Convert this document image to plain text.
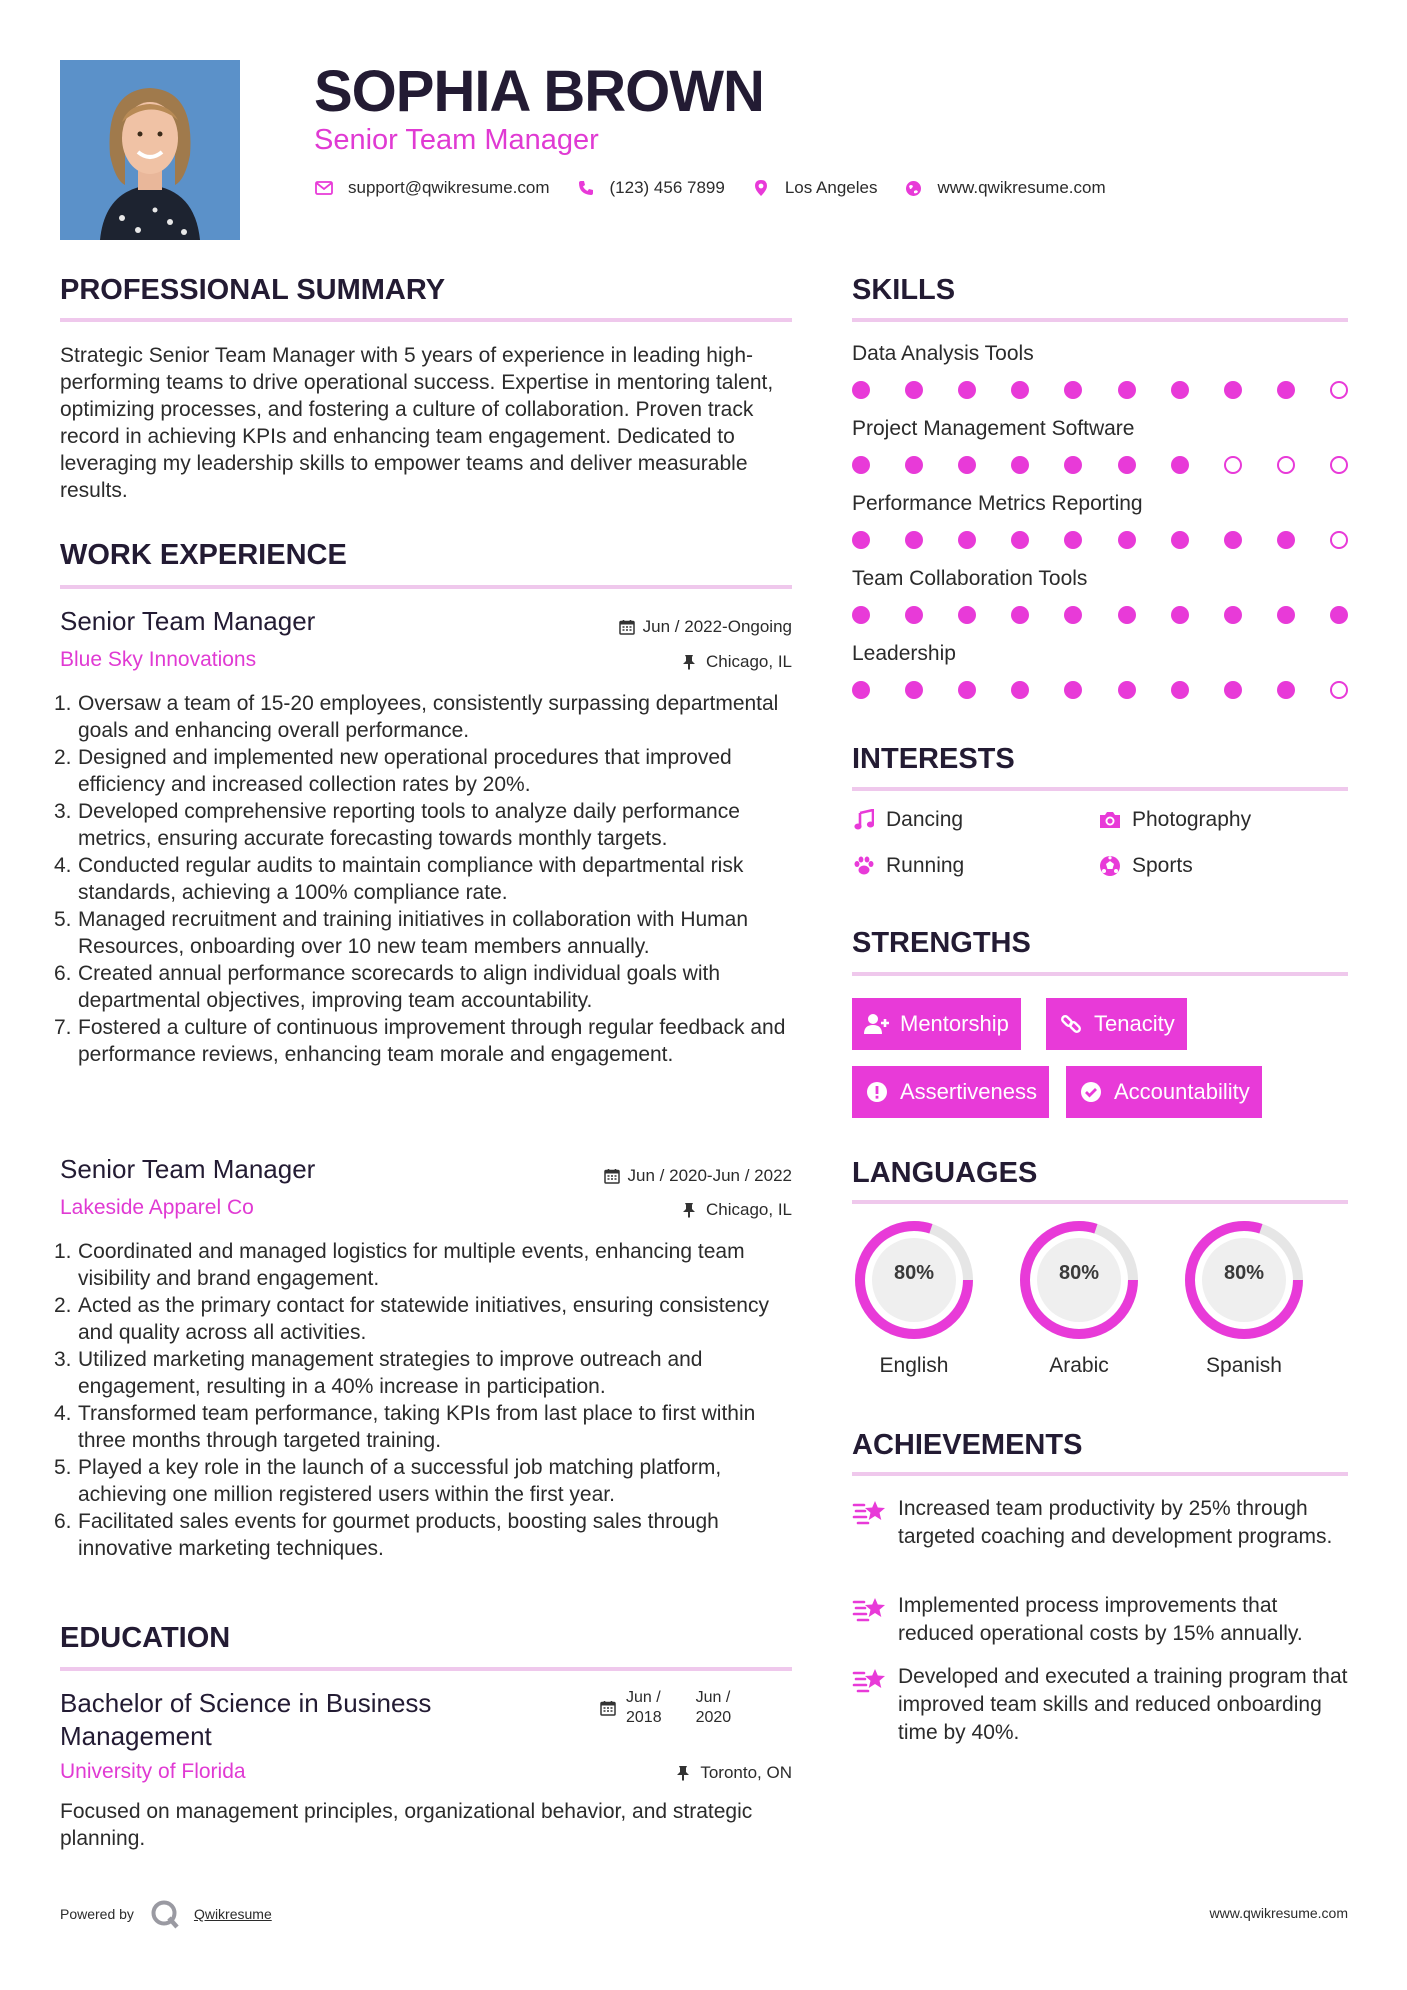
SOPHIA BROWN
Senior Team Manager
support@qwikresume.com	(123) 456 7899	Los Angeles	www.qwikresume.com
PROFESSIONAL SUMMARY
Strategic Senior Team Manager with 5 years of experience in leading high-performing teams to drive operational success. Expertise in mentoring talent, optimizing processes, and fostering a culture of collaboration. Proven track record in achieving KPIs and enhancing team engagement. Dedicated to leveraging my leadership skills to empower teams and deliver measurable results.
WORK EXPERIENCE
Senior Team Manager	Jun / 2022-Ongoing
Blue Sky Innovations	Chicago, IL
1. Oversaw a team of 15-20 employees, consistently surpassing departmental goals and enhancing overall performance.
2. Designed and implemented new operational procedures that improved efficiency and increased collection rates by 20%.
3. Developed comprehensive reporting tools to analyze daily performance metrics, ensuring accurate forecasting towards monthly targets.
4. Conducted regular audits to maintain compliance with departmental risk standards, achieving a 100% compliance rate.
5. Managed recruitment and training initiatives in collaboration with Human Resources, onboarding over 10 new team members annually.
6. Created annual performance scorecards to align individual goals with departmental objectives, improving team accountability.
7. Fostered a culture of continuous improvement through regular feedback and performance reviews, enhancing team morale and engagement.
Senior Team Manager	Jun / 2020-Jun / 2022
Lakeside Apparel Co	Chicago, IL
1. Coordinated and managed logistics for multiple events, enhancing team visibility and brand engagement.
2. Acted as the primary contact for statewide initiatives, ensuring consistency and quality across all activities.
3. Utilized marketing management strategies to improve outreach and engagement, resulting in a 40% increase in participation.
4. Transformed team performance, taking KPIs from last place to first within three months through targeted training.
5. Played a key role in the launch of a successful job matching platform, achieving one million registered users within the first year.
6. Facilitated sales events for gourmet products, boosting sales through innovative marketing techniques.
EDUCATION
Bachelor of Science in Business Management
Jun /
2018
Jun /
2020
University of Florida	Toronto, ON
Focused on management principles, organizational behavior, and strategic planning.
SKILLS
Data Analysis Tools
Project Management Software
Performance Metrics Reporting
Team Collaboration Tools
Leadership
INTERESTS
Dancing	Photography
Running	Sports
STRENGTHS
Mentorship	Tenacity
Assertiveness	Accountability
LANGUAGES
80%
English
80%
Arabic
80%
Spanish
ACHIEVEMENTS
Increased team productivity by 25% through targeted coaching and development programs.
Implemented process improvements that reduced operational costs by 15% annually.
Developed and executed a training program that improved team skills and reduced onboarding time by 40%.
Powered by	Qwikresume	www.qwikresume.com
